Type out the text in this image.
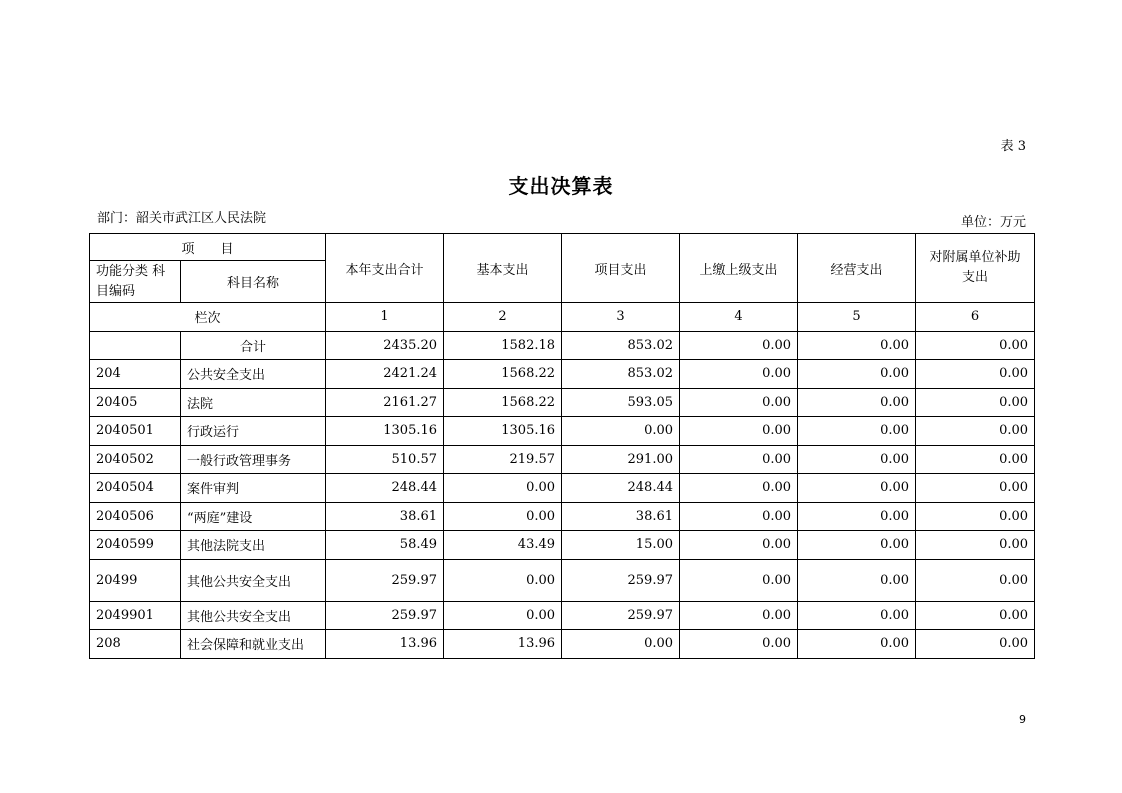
表 3
支出决算表
部门：韶关市武江区人民法院	单位：万元
项　　目		本年支出合计	基本支出	项目支出	上缴上级支出	经营支出	对附属单位补助 支出
功能分类 科目编码	科目名称						
栏次		1	2	3	4	5	6
	合计	2435.20	1582.18	853.02	0.00	0.00	0.00
204	公共安全支出	2421.24	1568.22	853.02	0.00	0.00	0.00
20405	法院	2161.27	1568.22	593.05	0.00	0.00	0.00
2040501	行政运行	1305.16	1305.16	0.00	0.00	0.00	0.00
2040502	一般行政管理事务	510.57	219.57	291.00	0.00	0.00	0.00
2040504	案件审判	248.44	0.00	248.44	0.00	0.00	0.00
2040506	“两庭”建设	38.61	0.00	38.61	0.00	0.00	0.00
2040599	其他法院支出	58.49	43.49	15.00	0.00	0.00	0.00
20499	其他公共安全支出	259.97	0.00	259.97	0.00	0.00	0.00
2049901	其他公共安全支出	259.97	0.00	259.97	0.00	0.00	0.00
208	社会保障和就业支出	13.96	13.96	0.00	0.00	0.00	0.00
9
